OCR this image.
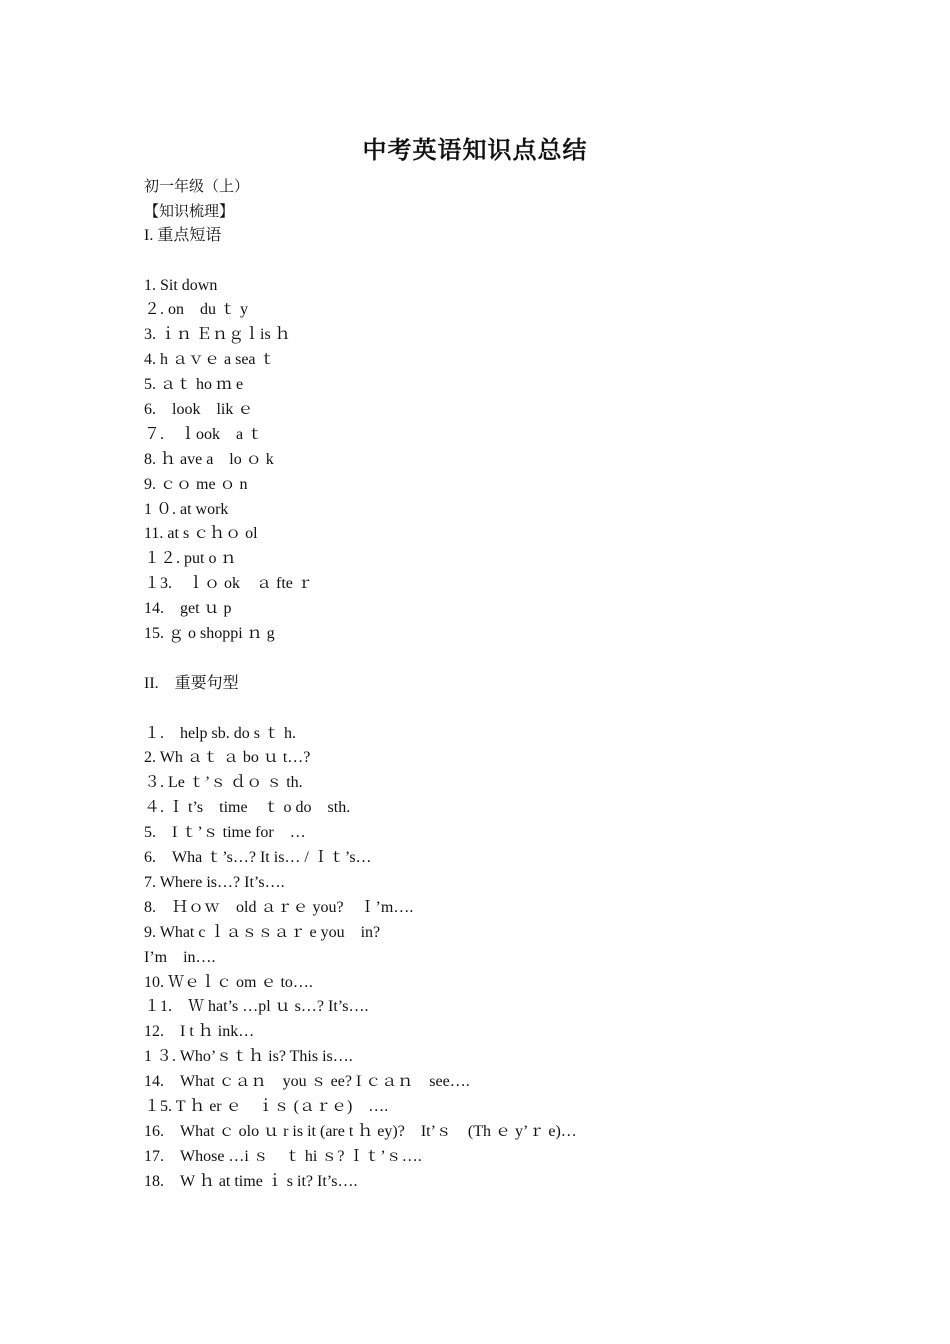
中考英语知识点总结
初一年级（上）
【知识梳理】
I. 重点短语
1. Sit down
２. on　du ｔ y
3. ｉｎ Ｅｎｇｌis ｈ
4. h ａｖｅ a sea ｔ
5. ａｔ ho ｍ e
6.　look　lik ｅ
７.　ｌook　a ｔ
8. ｈ ave a　lo ｏ k
9. ｃｏ me ｏ n
1 ０. at work
11. at s ｃｈｏ ol
１２. put o ｎ
１3.　ｌｏ ok　ａ fte ｒ
14.　get ｕ p
15. ｇ o shoppi ｎ g
II.　重要句型
１.　help sb. do s ｔ h.
2. Wh ａｔ ａ bo ｕ t…?
３. Le ｔ’ｓ ｄｏ ｓ th.
４. Ｉ t’s　time　ｔ o do　sth.
5.　I ｔ’ｓ time for　…
6.　Wha ｔ’s…? It is… / Ｉｔ’s…
7. Where is…? It’s….
8.　Ｈｏｗ　old ａｒｅ you?　Ｉ’m….
9. What c ｌａｓｓａｒ e you　in?
I’m　in….
10. Ｗｅｌｃ om ｅ to….
１1.　Ｗ hat’s …pl ｕ s…? It’s….
12.　I t ｈ ink…
1 ３. Who’ｓｔｈ is? This is….
14.　What ｃａｎ　you ｓ ee? I ｃａｎ　see….
１5. T ｈ er ｅ　ｉｓ (ａｒｅ)　….
16.　What ｃ olo ｕ r is it (are t ｈ ey)?　It’ｓ　(Th ｅ y’ｒ e)…
17.　Whose …i ｓ　ｔ hi ｓ? Ｉｔ’ｓ….
18.　W ｈ at time ｉ s it? It’s….
